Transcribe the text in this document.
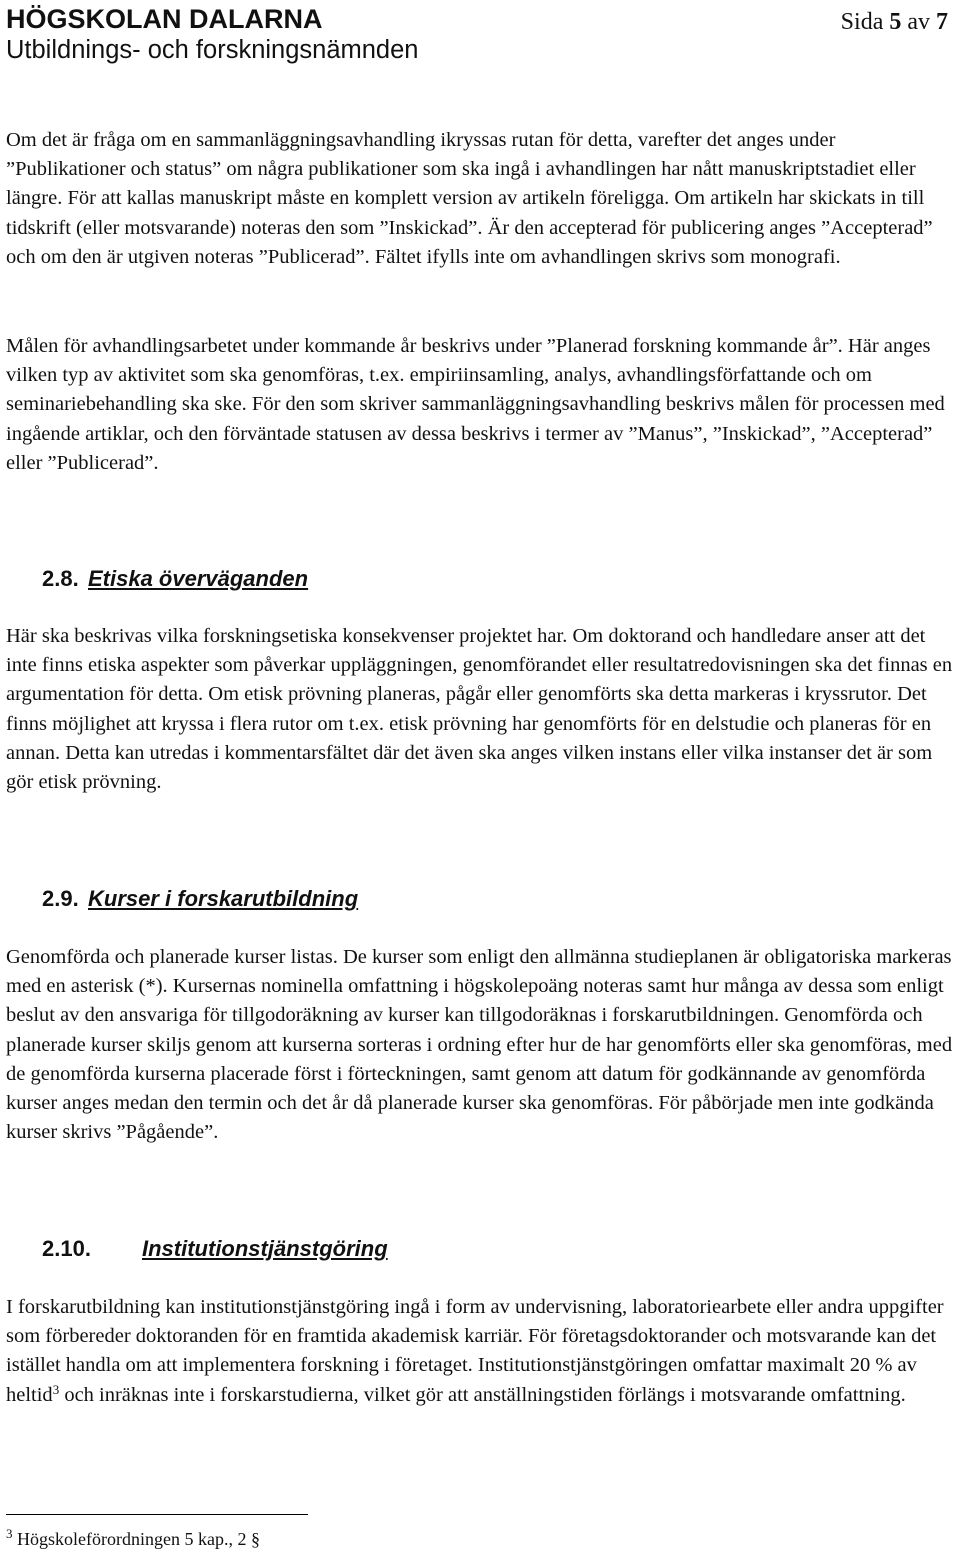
HÖGSKOLAN DALARNA
Utbildnings- och forskningsnämnden
Sida 5 av 7

Om det är fråga om en sammanläggningsavhandling ikryssas rutan för detta, varefter det anges under ”Publikationer och status” om några publikationer som ska ingå i avhandlingen har nått manuskriptstadiet eller längre. För att kallas manuskript måste en komplett version av artikeln föreligga. Om artikeln har skickats in till tidskrift (eller motsvarande) noteras den som ”Inskickad”. Är den accepterad för publicering anges ”Accepterad” och om den är utgiven noteras ”Publicerad”. Fältet ifylls inte om avhandlingen skrivs som monografi.

Målen för avhandlingsarbetet under kommande år beskrivs under ”Planerad forskning kommande år”. Här anges vilken typ av aktivitet som ska genomföras, t.ex. empiriinsamling, analys, avhandlingsförfattande och om seminariebehandling ska ske. För den som skriver sammanläggningsavhandling beskrivs målen för processen med ingående artiklar, och den förväntade statusen av dessa beskrivs i termer av ”Manus”, ”Inskickad”, ”Accepterad” eller ”Publicerad”.

2.8. Etiska överväganden

Här ska beskrivas vilka forskningsetiska konsekvenser projektet har. Om doktorand och handledare anser att det inte finns etiska aspekter som påverkar uppläggningen, genomförandet eller resultatredovisningen ska det finnas en argumentation för detta. Om etisk prövning planeras, pågår eller genomförts ska detta markeras i kryssrutor. Det finns möjlighet att kryssa i flera rutor om t.ex. etisk prövning har genomförts för en delstudie och planeras för en annan. Detta kan utredas i kommentarsfältet där det även ska anges vilken instans eller vilka instanser det är som gör etisk prövning.

2.9. Kurser i forskarutbildning

Genomförda och planerade kurser listas. De kurser som enligt den allmänna studieplanen är obligatoriska markeras med en asterisk (*). Kursernas nominella omfattning i högskolepoäng noteras samt hur många av dessa som enligt beslut av den ansvariga för tillgodoräkning av kurser kan tillgodoräknas i forskarutbildningen. Genomförda och planerade kurser skiljs genom att kurserna sorteras i ordning efter hur de har genomförts eller ska genomföras, med de genomförda kurserna placerade först i förteckningen, samt genom att datum för godkännande av genomförda kurser anges medan den termin och det år då planerade kurser ska genomföras. För påbörjade men inte godkända kurser skrivs ”Pågående”.

2.10. Institutionstjänstgöring

I forskarutbildning kan institutionstjänstgöring ingå i form av undervisning, laboratoriearbete eller andra uppgifter som förbereder doktoranden för en framtida akademisk karriär. För företagsdoktorander och motsvarande kan det istället handla om att implementera forskning i företaget. Institutionstjänstgöringen omfattar maximalt 20 % av heltid$^3$ och inräknas inte i forskarstudierna, vilket gör att anställningstiden förlängs i motsvarande omfattning.

$^3$ Högskoleförordningen 5 kap., 2 §
